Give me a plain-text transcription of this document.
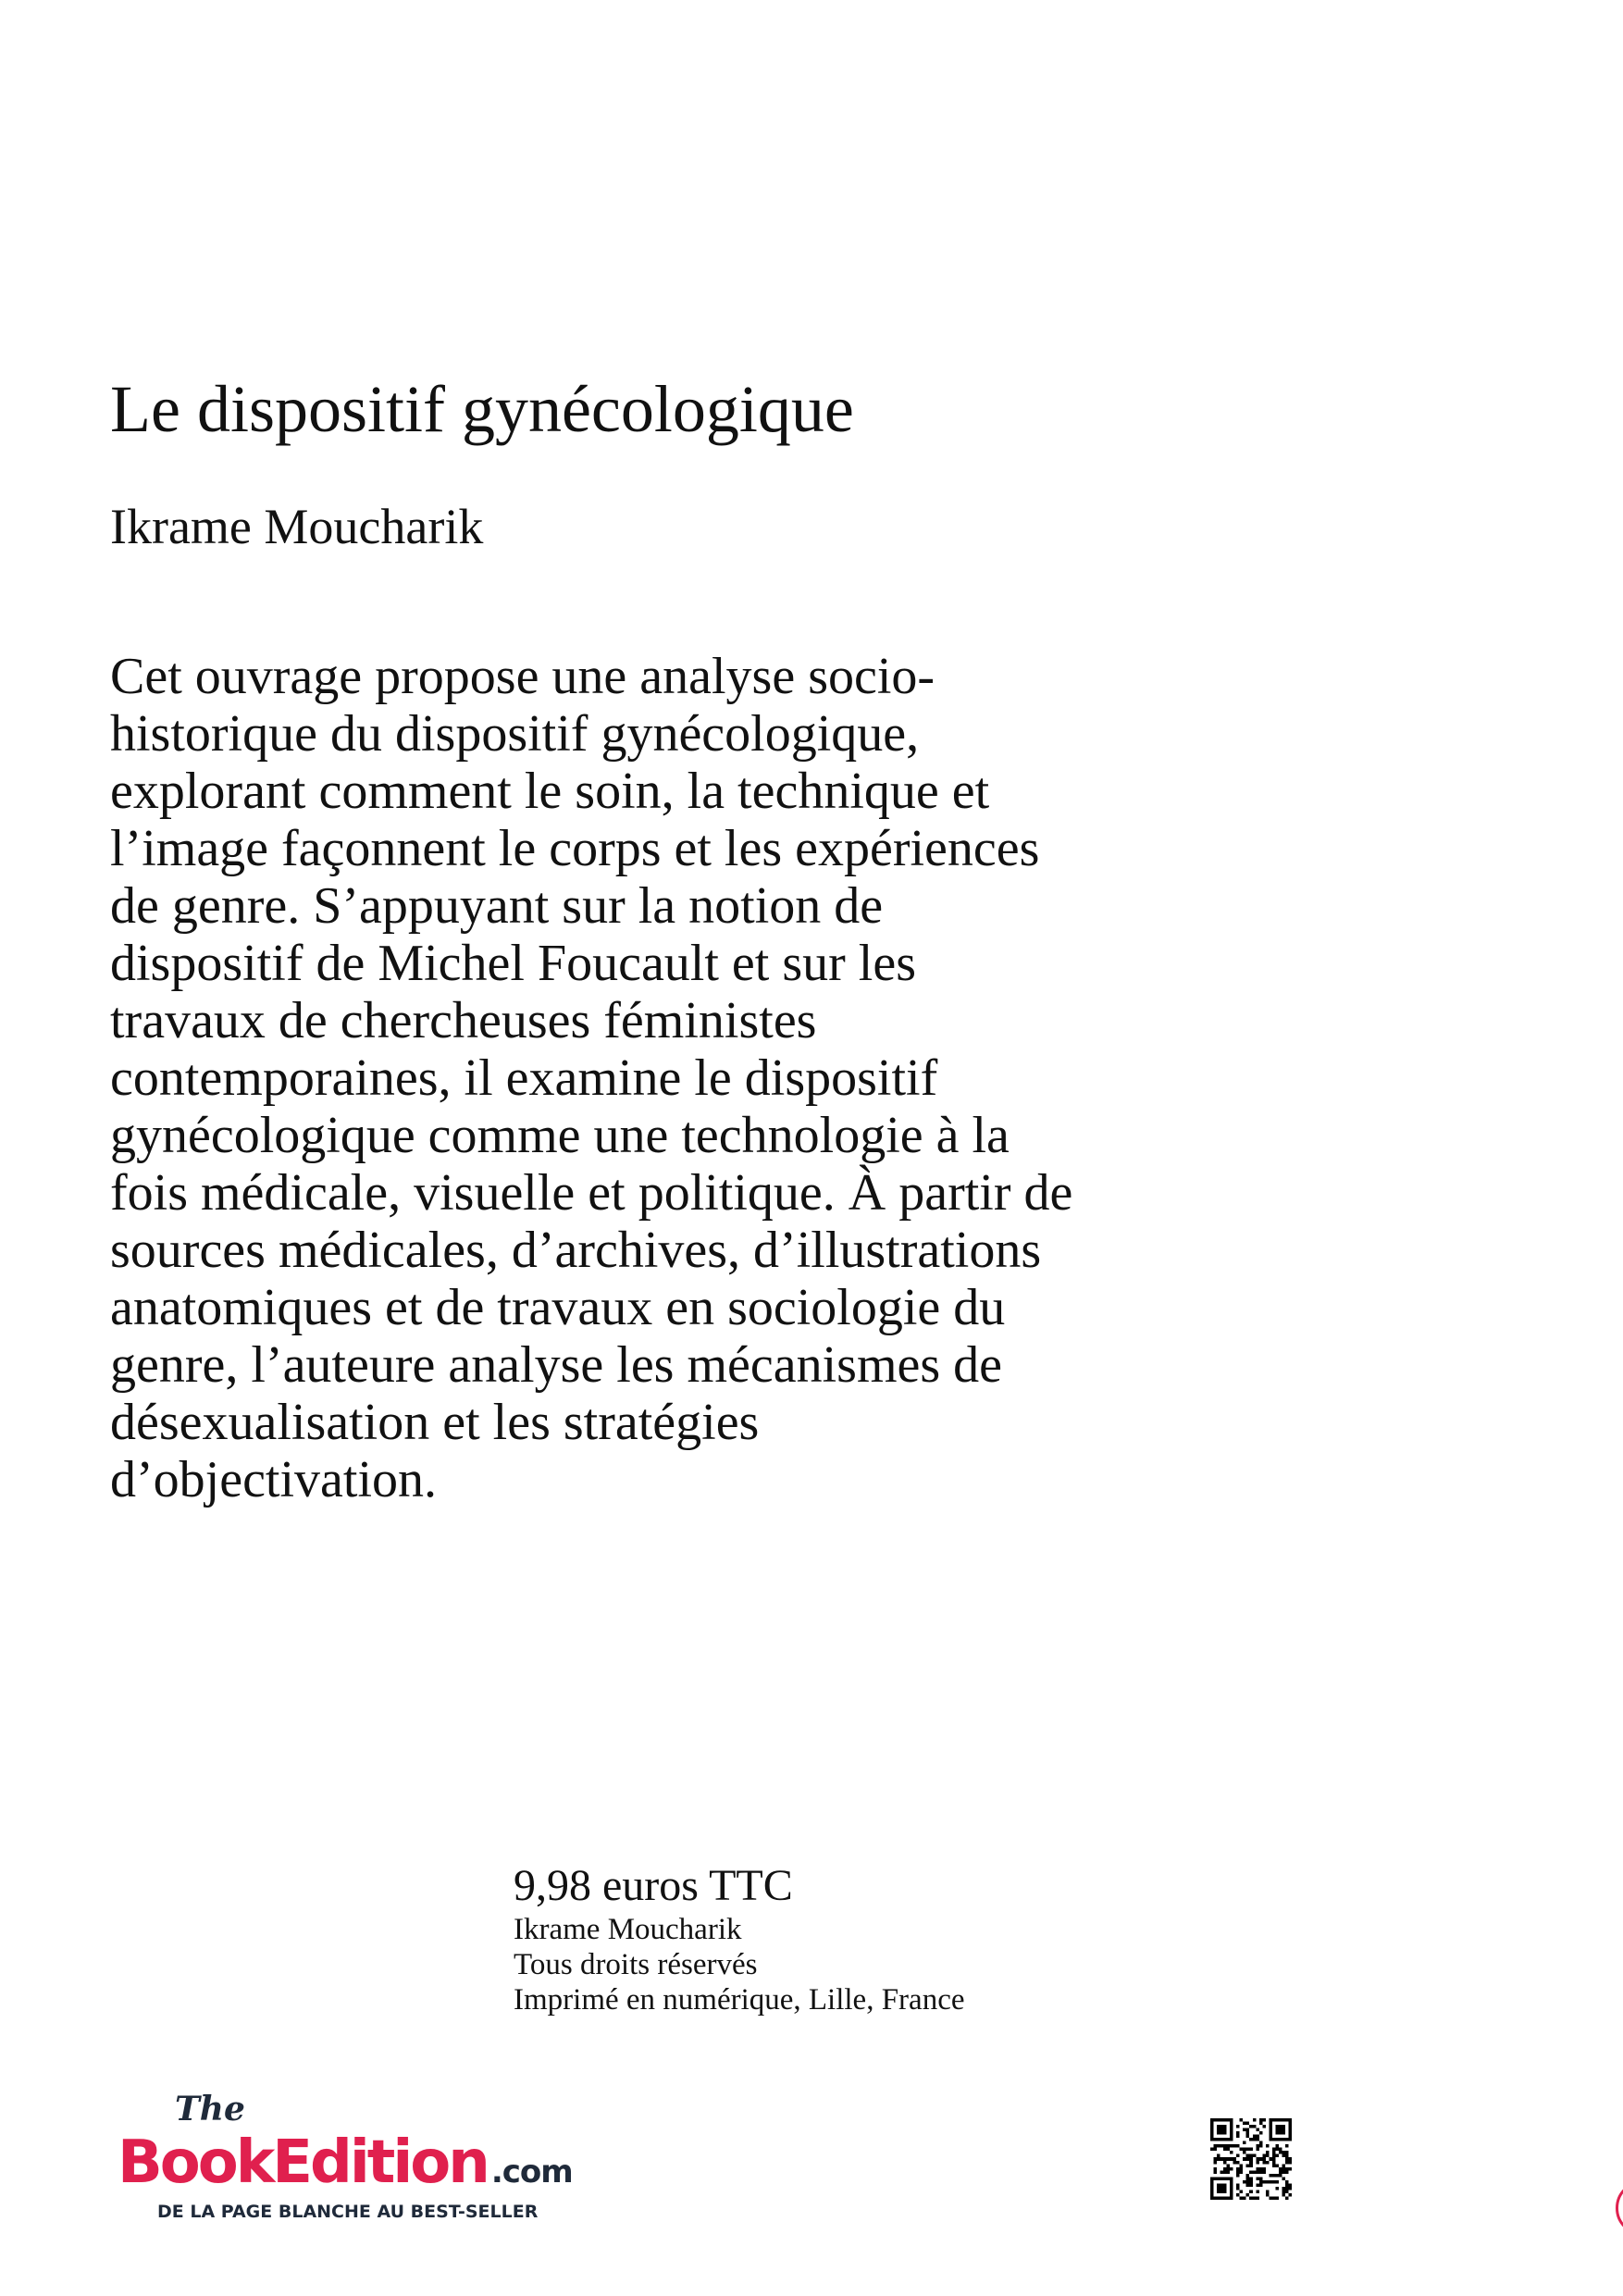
Le dispositif gynécologique
Ikrame Moucharik
Cet ouvrage propose une analyse socio-
historique du dispositif gynécologique,
explorant comment le soin, la technique et
l’image façonnent le corps et les expériences
de genre. S’appuyant sur la notion de
dispositif de Michel Foucault et sur les
travaux de chercheuses féministes
contemporaines, il examine le dispositif
gynécologique comme une technologie à la
fois médicale, visuelle et politique. À partir de
sources médicales, d’archives, d’illustrations
anatomiques et de travaux en sociologie du
genre, l’auteure analyse les mécanismes de
désexualisation et les stratégies
d’objectivation.
9,98 euros TTC
Ikrame Moucharik
Tous droits réservés
Imprimé en numérique, Lille, France
The
BookEdition .com
DE LA PAGE BLANCHE AU BEST-SELLER
